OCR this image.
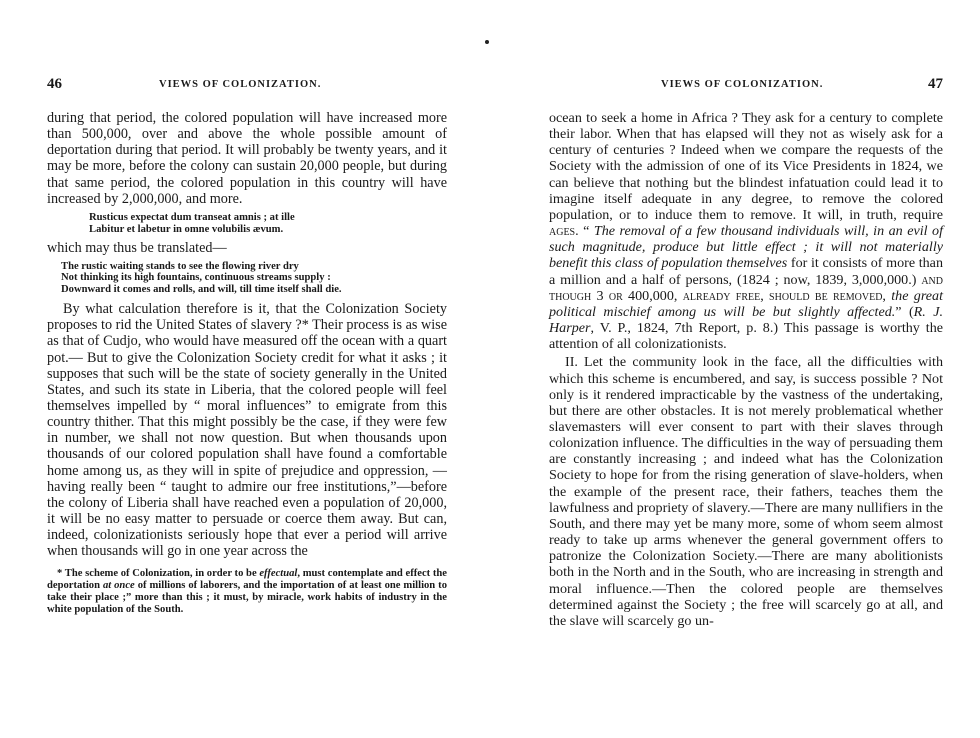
46	VIEWS OF COLONIZATION.

during that period, the colored population will have increased more than 500,000, over and above the whole possible amount of deportation during that period. It will probably be twenty years, and it may be more, before the colony can sustain 20,000 people, but during that same period, the colored population in this country will have increased by 2,000,000, and more.

Rusticus expectat dum transeat amnis ; at ille
Labitur et labetur in omne volubilis ævum.

which may thus be translated—

The rustic waiting stands to see the flowing river dry
Not thinking its high fountains, continuous streams supply :
Downward it comes and rolls, and will, till time itself shall die.

By what calculation therefore is it, that the Colonization Society proposes to rid the United States of slavery ?* Their process is as wise as that of Cudjo, who would have measured off the ocean with a quart pot.— But to give the Colonization Society credit for what it asks ; it supposes that such will be the state of society generally in the United States, and such its state in Liberia, that the colored people will feel themselves impelled by “ moral influences” to emigrate from this country thither. That this might possibly be the case, if they were few in number, we shall not now question. But when thousands upon thousands of our colored population shall have found a comfortable home among us, as they will in spite of prejudice and oppression, —having really been “ taught to admire our free institutions,”—before the colony of Liberia shall have reached even a population of 20,000, it will be no easy matter to persuade or coerce them away. But can, indeed, colonizationists seriously hope that ever a period will arrive when thousands will go in one year across the

* The scheme of Colonization, in order to be effectual, must contemplate and effect the deportation at once of millions of laborers, and the importation of at least one million to take their place ;” more than this ; it must, by miracle, work habits of industry in the white population of the South.

VIEWS OF COLONIZATION.	47

ocean to seek a home in Africa ? They ask for a century to complete their labor. When that has elapsed will they not as wisely ask for a century of centuries ? Indeed when we compare the requests of the Society with the admission of one of its Vice Presidents in 1824, we can believe that nothing but the blindest infatuation could lead it to imagine itself adequate in any degree, to remove the colored population, or to induce them to remove. It will, in truth, require ages. “ The removal of a few thousand individuals will, in an evil of such magnitude, produce but little effect ; it will not materially benefit this class of population themselves for it consists of more than a million and a half of persons, (1824 ; now, 1839, 3,000,000.) and though 3 or 400,000, already free, should be removed, the great political mischief among us will be but slightly affected.” (R. J. Harper, V. P., 1824, 7th Report, p. 8.) This passage is worthy the attention of all colonizationists.

II. Let the community look in the face, all the difficulties with which this scheme is encumbered, and say, is success possible ? Not only is it rendered impracticable by the vastness of the undertaking, but there are other obstacles. It is not merely problematical whether slavemasters will ever consent to part with their slaves through colonization influence. The difficulties in the way of persuading them are constantly increasing ; and indeed what has the Colonization Society to hope for from the rising generation of slave-holders, when the example of the present race, their fathers, teaches them the lawfulness and propriety of slavery.—There are many nullifiers in the South, and there may yet be many more, some of whom seem almost ready to take up arms whenever the general government offers to patronize the Colonization Society.—There are many abolitionists both in the North and in the South, who are increasing in strength and moral influence.—Then the colored people are themselves determined against the Society ; the free will scarcely go at all, and the slave will scarcely go un-
